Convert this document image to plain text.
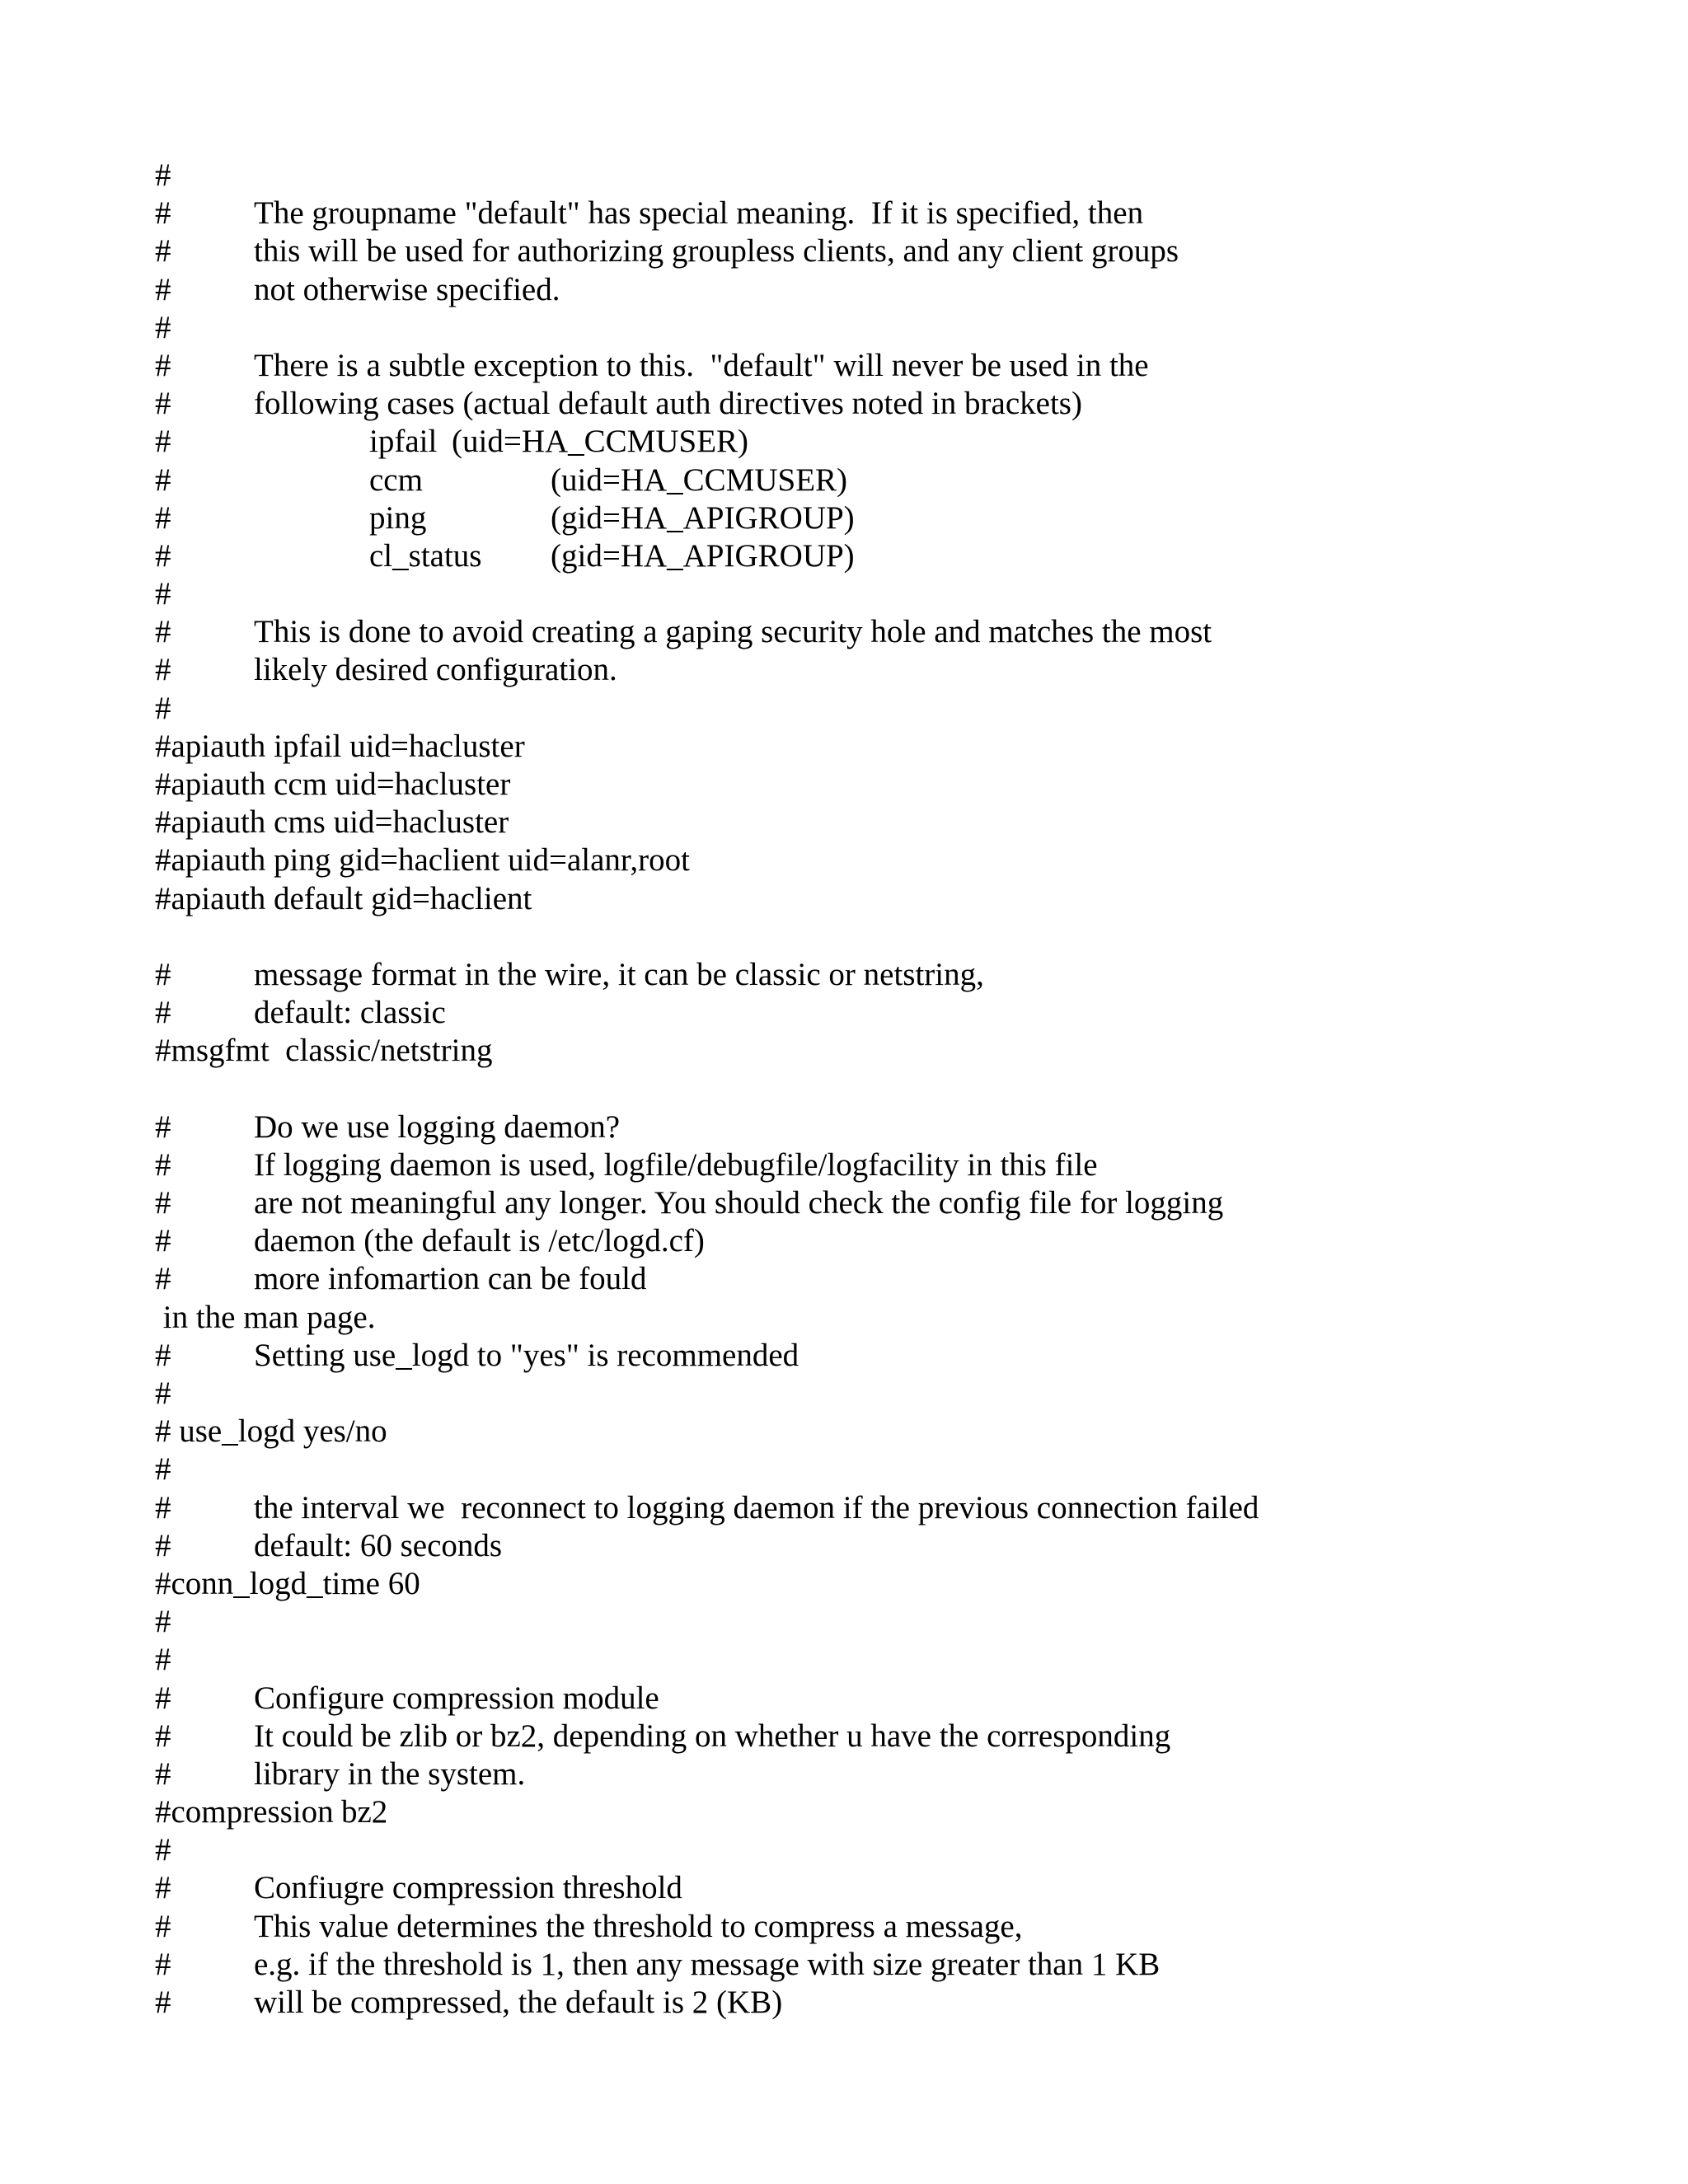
#
#	The groupname "default" has special meaning.  If it is specified, then
#	this will be used for authorizing groupless clients, and any client groups
#	not otherwise specified.
#
#	There is a subtle exception to this.  "default" will never be used in the
#	following cases (actual default auth directives noted in brackets)
#	ipfail (uid=HA_CCMUSER)
#	ccm	(uid=HA_CCMUSER)
#	ping	(gid=HA_APIGROUP)
#	cl_status (gid=HA_APIGROUP)
#
#	This is done to avoid creating a gaping security hole and matches the most
#	likely desired configuration.
#
#apiauth ipfail uid=hacluster
#apiauth ccm uid=hacluster
#apiauth cms uid=hacluster
#apiauth ping gid=haclient uid=alanr,root
#apiauth default gid=haclient
#	message format in the wire, it can be classic or netstring,
#	default: classic
#msgfmt  classic/netstring
#	Do we use logging daemon?
#	If logging daemon is used, logfile/debugfile/logfacility in this file
#	are not meaningful any longer. You should check the config file for logging
#	daemon (the default is /etc/logd.cf)
#	more infomartion can be fould
in the man page.
#	Setting use_logd to "yes" is recommended
#
# use_logd yes/no
#
#	the interval we  reconnect to logging daemon if the previous connection failed
#	default: 60 seconds
#conn_logd_time 60
#
#
#	Configure compression module
#	It could be zlib or bz2, depending on whether u have the corresponding
#	library in the system.
#compression bz2
#
#	Confiugre compression threshold
#	This value determines the threshold to compress a message,
#	e.g. if the threshold is 1, then any message with size greater than 1 KB
#	will be compressed, the default is 2 (KB)
